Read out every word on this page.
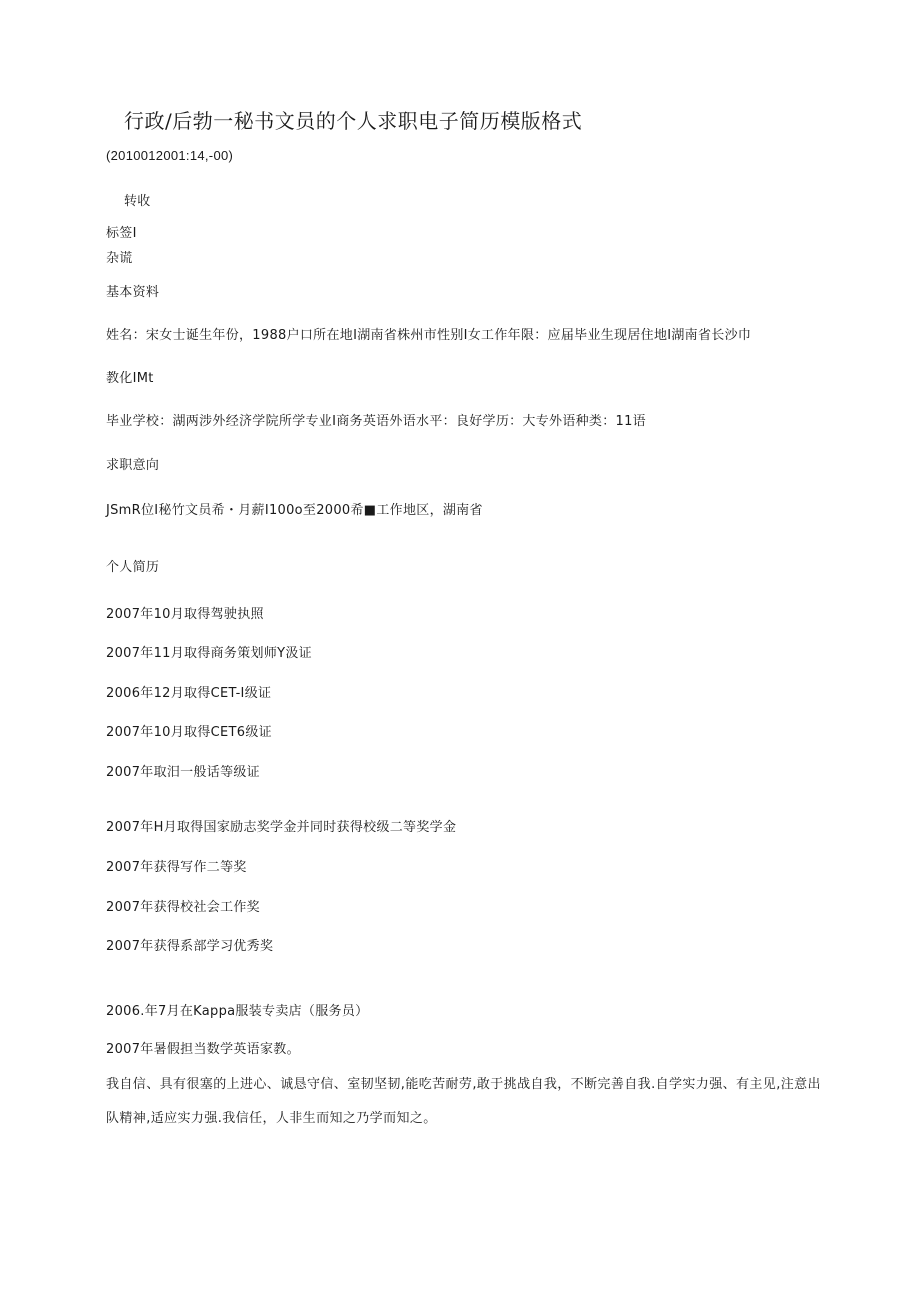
行政/后勃一秘书文员的个人求职电子简历模版格式
(2010012001:14,-00)
转收
标签I
杂谎
基本资料
姓名：宋女士诞生年份，1988户口所在地I湖南省株州市性别I女工作年限：应届毕业生现居住地I湖南省长沙巾
教化IMt
毕业学校：湖两涉外经济学院所学专业I商务英语外语水平：良好学历：大专外语种类：11语
求职意向
JSmR位I秘竹文员希・月薪I100o至2000希■工作地区，湖南省
个人简历
2007年10月取得驾驶执照
2007年11月取得商务策划师Y汲证
2006年12月取得CET-I级证
2007年10月取得CET6级证
2007年取汨一般话等级证
2007年H月取得国家励志奖学金并同时获得校级二等奖学金
2007年获得写作二等奖
2007年获得校社会工作奖
2007年获得系部学习优秀奖
2006.年7月在Kappa服装专卖店（服务员）
2007年暑假担当数学英语家教。
我自信、具有很塞的上进心、诚恳守信、室韧坚韧,能吃苦耐劳,敢于挑战自我，不断完善自我.自学实力强、有主见,注意出队精神,适应实力强.我信任，人非生而知之乃学而知之。
